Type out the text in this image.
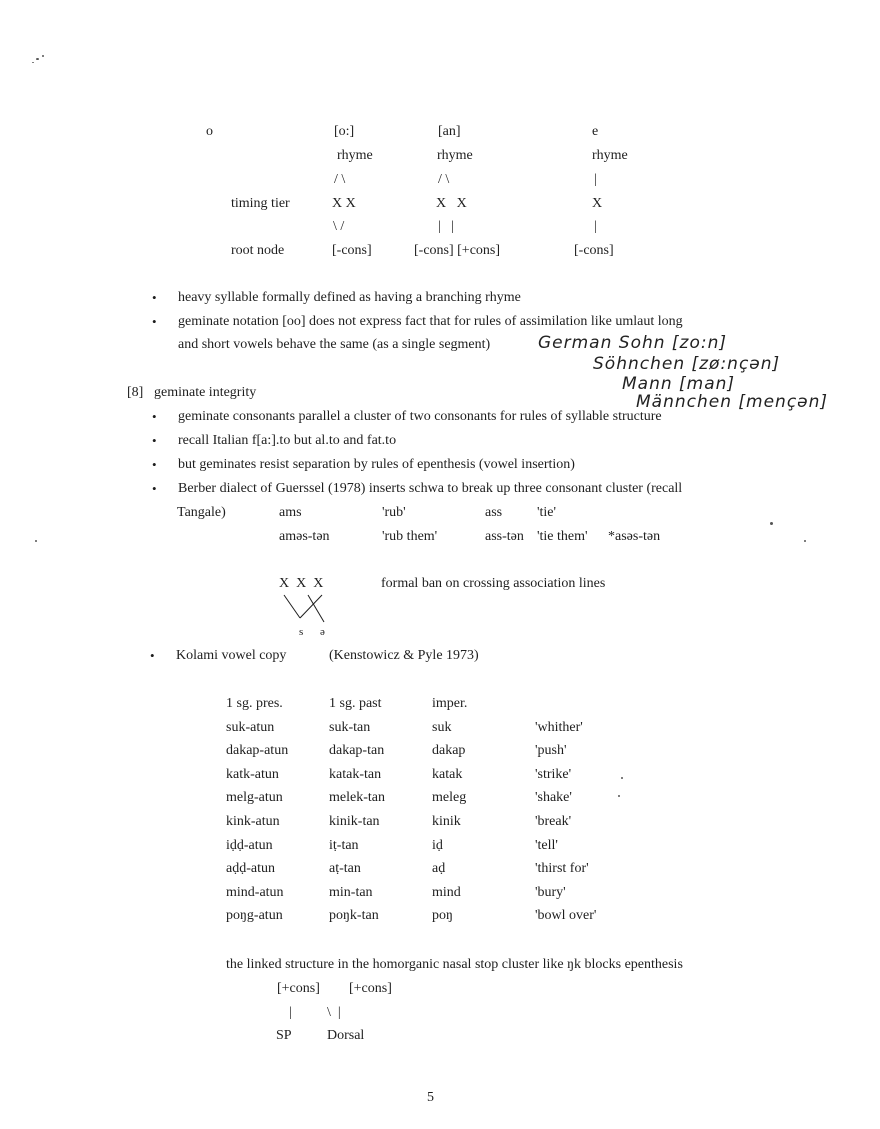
o	[o:]
rhyme
/ \
X X
\ /
[-cons]
[an]
rhyme
/ \
X   X
|   |
[-cons] [+cons]
e
rhyme
|
X
|
[-cons]
timing tier
root node
• heavy syllable formally defined as having a branching rhyme
• geminate notation [oo] does not express fact that for rules of assimilation like umlaut long
and short vowels behave the same (as a single segment)	German Sohn [zo:n]
Söhnchen [zø:nçən]
Mann [man]
Männchen [mençən]
[8] geminate integrity
• geminate consonants parallel a cluster of two consonants for rules of syllable structure
• recall Italian f[a:].to but al.to and fat.to
• but geminates resist separation by rules of epenthesis (vowel insertion)
• Berber dialect of Guerssel (1978) inserts schwa to break up three consonant cluster (recall
Tangale)	ams	'rub'	ass 'tie'
aməs-tən	'rub them'	ass-tən 'tie them' *asəs-tən
X  X  X	formal ban on crossing association lines
s ə
• Kolami vowel copy	(Kenstowicz & Pyle 1973)
1 sg. pres.	1 sg. past	imper.
suk-atun	suk-tan	suk	'whither'
dakap-atun	dakap-tan	dakap	'push'
katk-atun	katak-tan	katak	'strike'
melg-atun	melek-tan	meleg	'shake'
kink-atun	kinik-tan	kinik	'break'
iḍḍ-atun	iṭ-tan	iḍ	'tell'
aḍḍ-atun	aṭ-tan	aḍ	'thirst for'
mind-atun	min-tan	mind	'bury'
poŋg-atun	poŋk-tan	poŋ	'bowl over'
the linked structure in the homorganic nasal stop cluster like ŋk blocks epenthesis
[+cons] [+cons]
|	\  |
SP	Dorsal
5
